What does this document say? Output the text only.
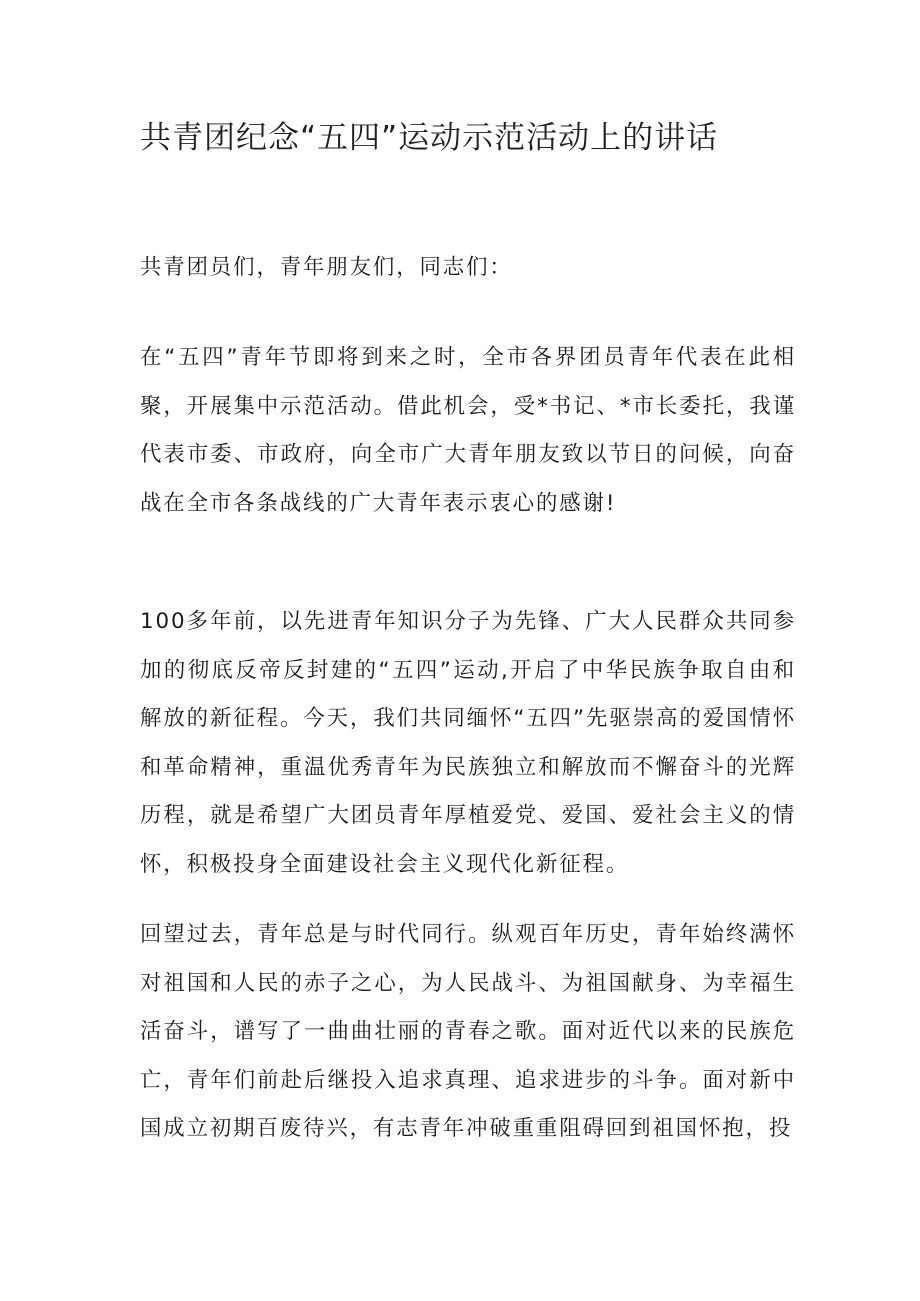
共青团纪念“五四”运动示范活动上的讲话

共青团员们，青年朋友们，同志们：

在“五四”青年节即将到来之时，全市各界团员青年代表在此相聚，开展集中示范活动。借此机会，受*书记、*市长委托，我谨代表市委、市政府，向全市广大青年朋友致以节日的问候，向奋战在全市各条战线的广大青年表示衷心的感谢!

100多年前，以先进青年知识分子为先锋、广大人民群众共同参加的彻底反帝反封建的“五四”运动,开启了中华民族争取自由和解放的新征程。今天，我们共同缅怀“五四”先驱崇高的爱国情怀和革命精神，重温优秀青年为民族独立和解放而不懈奋斗的光辉历程，就是希望广大团员青年厚植爱党、爱国、爱社会主义的情怀，积极投身全面建设社会主义现代化新征程。

回望过去，青年总是与时代同行。纵观百年历史，青年始终满怀对祖国和人民的赤子之心，为人民战斗、为祖国献身、为幸福生活奋斗，谱写了一曲曲壮丽的青春之歌。面对近代以来的民族危亡，青年们前赴后继投入追求真理、追求进步的斗争。面对新中国成立初期百废待兴，有志青年冲破重重阻碍回到祖国怀抱，投
